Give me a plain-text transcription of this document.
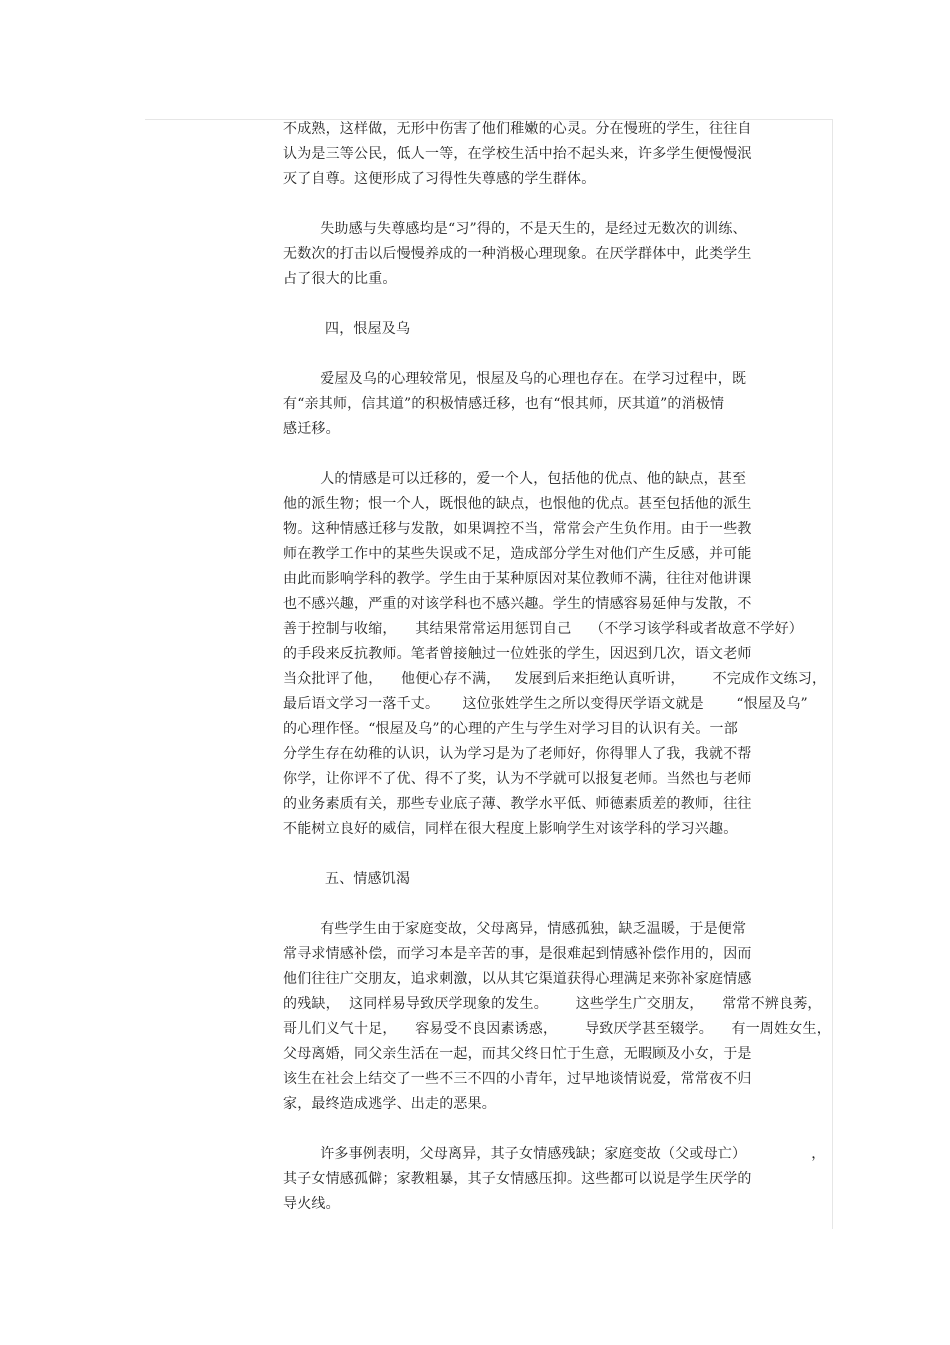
不成熟，这样做，无形中伤害了他们稚嫩的心灵。分在慢班的学生，往往自
认为是三等公民，低人一等，在学校生活中抬不起头来，许多学生便慢慢泯
灭了自尊。这便形成了习得性失尊感的学生群体。
失助感与失尊感均是“习”得的，不是天生的，是经过无数次的训练、
无数次的打击以后慢慢养成的一种消极心理现象。在厌学群体中，此类学生
占了很大的比重。
四，恨屋及乌
爱屋及乌的心理较常见，恨屋及乌的心理也存在。在学习过程中，既
有“亲其师，信其道”的积极情感迁移，也有“恨其师，厌其道”的消极情
感迁移。
人的情感是可以迁移的，爱一个人，包括他的优点、他的缺点，甚至
他的派生物；恨一个人，既恨他的缺点，也恨他的优点。甚至包括他的派生
物。这种情感迁移与发散，如果调控不当，常常会产生负作用。由于一些教
师在教学工作中的某些失误或不足，造成部分学生对他们产生反感，并可能
由此而影响学科的教学。学生由于某种原因对某位教师不满，往往对他讲课
也不感兴趣，严重的对该学科也不感兴趣。学生的情感容易延伸与发散，不
善于控制与收缩，    其结果常常运用惩罚自己    （不学习该学科或者故意不学好）
的手段来反抗教师。笔者曾接触过一位姓张的学生，因迟到几次，语文老师
当众批评了他，    他便心存不满，   发展到后来拒绝认真听讲，      不完成作文练习，
最后语文学习一落千丈。     这位张姓学生之所以变得厌学语文就是       “恨屋及乌”
的心理作怪。“恨屋及乌”的心理的产生与学生对学习目的认识有关。一部
分学生存在幼稚的认识，认为学习是为了老师好，你得罪人了我，我就不帮
你学，让你评不了优、得不了奖，认为不学就可以报复老师。当然也与老师
的业务素质有关，那些专业底子薄、教学水平低、师德素质差的教师，往往
不能树立良好的威信，同样在很大程度上影响学生对该学科的学习兴趣。
五、情感饥渴
有些学生由于家庭变故，父母离异，情感孤独，缺乏温暖，于是便常
常寻求情感补偿，而学习本是辛苦的事，是很难起到情感补偿作用的，因而
他们往往广交朋友，追求刺激，以从其它渠道获得心理满足来弥补家庭情感
的残缺，  这同样易导致厌学现象的发生。      这些学生广交朋友，    常常不辨良莠，
哥儿们义气十足，    容易受不良因素诱惑，      导致厌学甚至辍学。    有一周姓女生，
父母离婚，同父亲生活在一起，而其父终日忙于生意，无暇顾及小女，于是
该生在社会上结交了一些不三不四的小青年，过早地谈情说爱，常常夜不归
家，最终造成逃学、出走的恶果。
许多事例表明，父母离异，其子女情感残缺；家庭变故（父或母亡）              ，
其子女情感孤僻；家教粗暴，其子女情感压抑。这些都可以说是学生厌学的
导火线。
